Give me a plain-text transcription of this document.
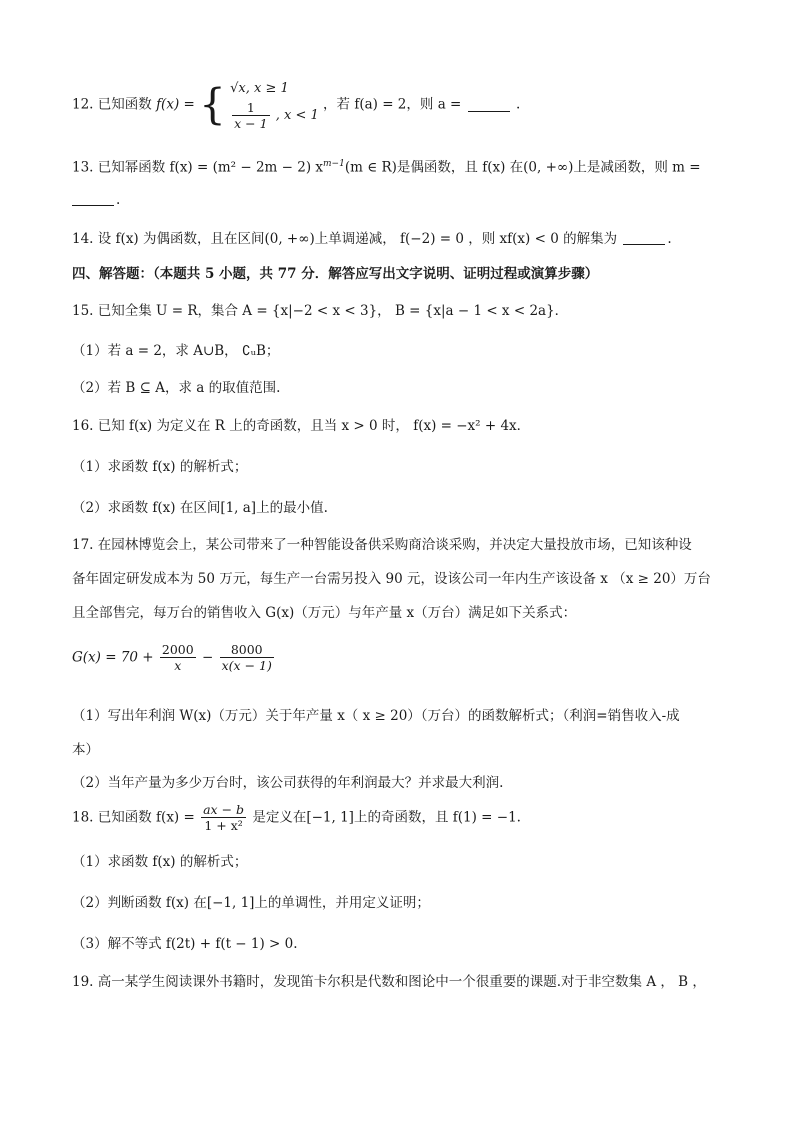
12. 已知函数 f(x) = { √x, x ≥ 1
$\frac{1}{x - 1}$ , x < 1
，若 f(a) = 2，则 a =	.
13. 已知幂函数 f(x) = (m² − 2m − 2) $x^{m-1}(m$ ∈ R)是偶函数，且 f(x) 在(0, +∞)上是减函数，则 m =
.
14. 设 f(x) 为偶函数，且在区间(0, +∞)上单调递减， f(−2) = 0 ，则 xf(x) < 0 的解集为	.
四、解答题：（本题共 5 小题，共 77 分．解答应写出文字说明、证明过程或演算步骤）
15. 已知全集 U = R，集合 A = {x|−2 < x < 3}， B = {x|a − 1 < x < 2a}．
（1）若 a = 2，求 A∪B， ∁ᵤB；
（2）若 B ⊆ A，求 a 的取值范围.
16. 已知 f(x) 为定义在 R 上的奇函数，且当 x > 0 时， f(x) = −x² + 4x．
（1）求函数 f(x) 的解析式；
（2）求函数 f(x) 在区间[1, a]上的最小值.
17. 在园林博览会上，某公司带来了一种智能设备供采购商洽谈采购，并决定大量投放市场，已知该种设
备年固定研发成本为 50 万元，每生产一台需另投入 90 元，设该公司一年内生产该设备 x （x ≥ 20）万台
且全部售完，每万台的销售收入 G(x)（万元）与年产量 x（万台）满足如下关系式：
$G(x) = 70 + \frac{2000}{x} - \frac{8000}{x(x - 1)}$
（1）写出年利润 W(x)（万元）关于年产量 x（ x ≥ 20）（万台）的函数解析式；（利润=销售收入-成
本）
（2）当年产量为多少万台时，该公司获得的年利润最大？并求最大利润.
18. 已知函数 $f(x) = \frac{ax - b}{\text{1 + x²}}$ 是定义在[−1, 1]上的奇函数，且 f(1) = −1.
（1）求函数 f(x) 的解析式；
（2）判断函数 f(x) 在[−1, 1]上的单调性，并用定义证明；
（3）解不等式 f(2t) + f(t − 1) > 0.
19. 高一某学生阅读课外书籍时，发现笛卡尔积是代数和图论中一个很重要的课题.对于非空数集 A ， B ，
